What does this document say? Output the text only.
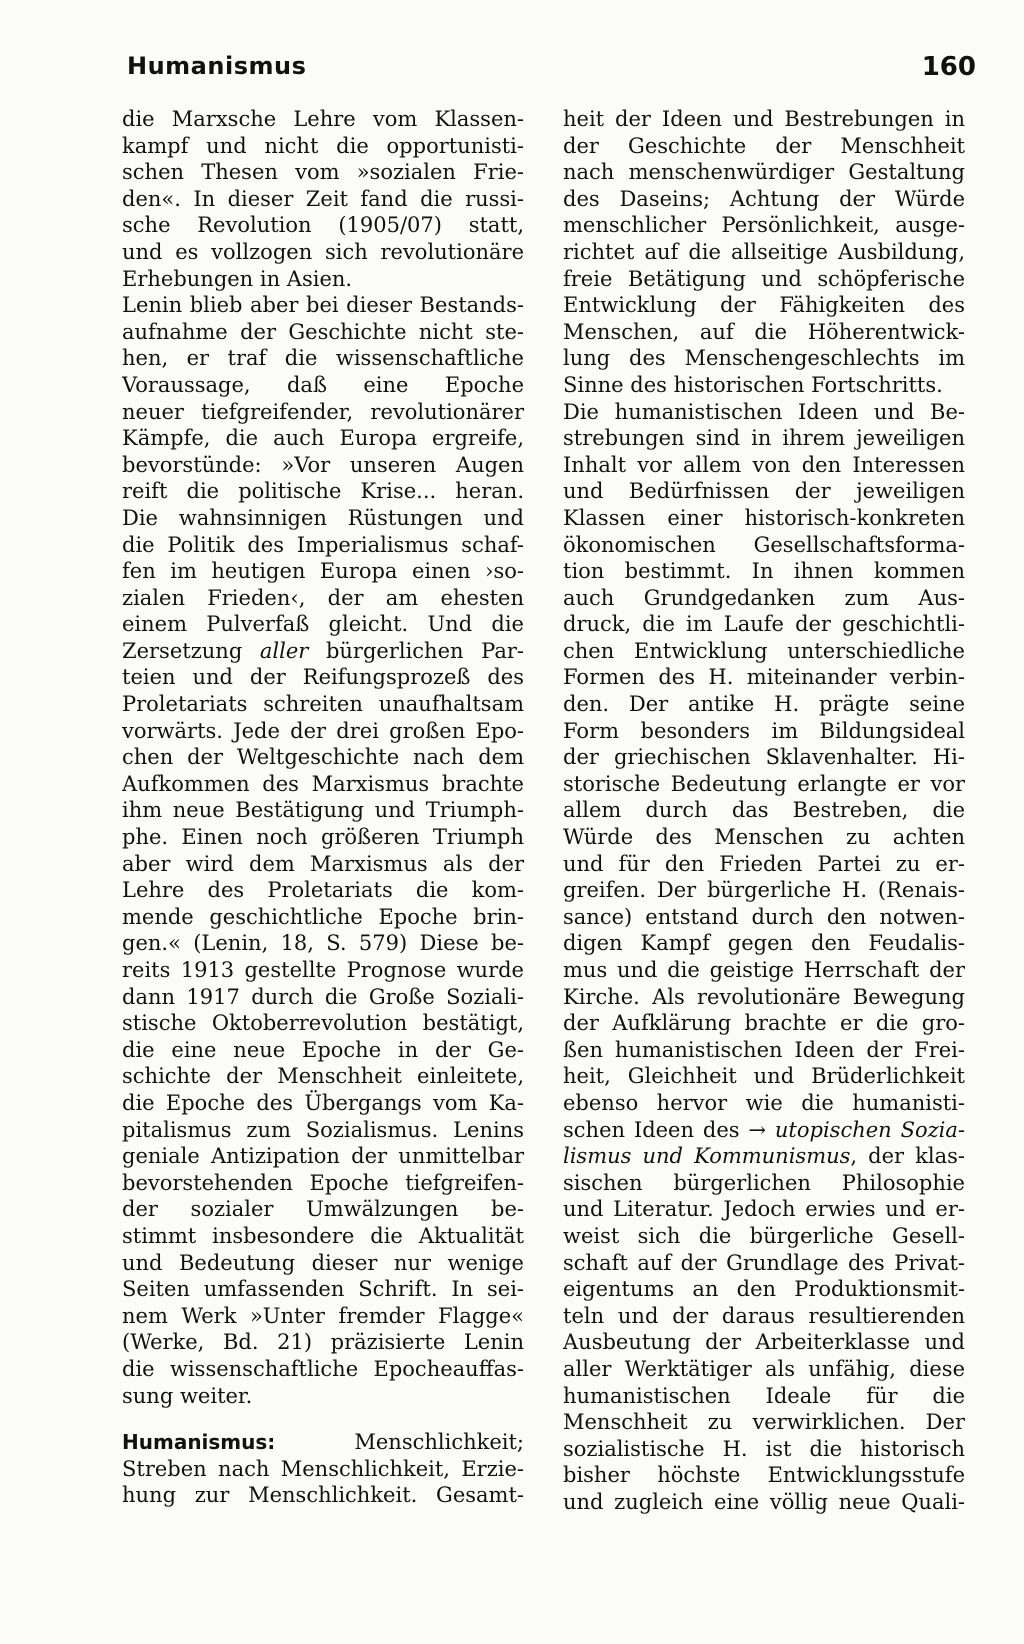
Humanismus	160
die Marxsche Lehre vom Klassen-
kampf und nicht die opportunisti-
schen Thesen vom »sozialen Frie-
den«. In dieser Zeit fand die russi-
sche Revolution (1905/07) statt,
und es vollzogen sich revolutionäre
Erhebungen in Asien.
Lenin blieb aber bei dieser Bestands-
aufnahme der Geschichte nicht ste-
hen, er traf die wissenschaftliche
Voraussage, daß eine Epoche
neuer tiefgreifender, revolutionärer
Kämpfe, die auch Europa ergreife,
bevorstünde: »Vor unseren Augen
reift die politische Krise... heran.
Die wahnsinnigen Rüstungen und
die Politik des Imperialismus schaf-
fen im heutigen Europa einen ›so-
zialen Frieden‹, der am ehesten
einem Pulverfaß gleicht. Und die
Zersetzung aller bürgerlichen Par-
teien und der Reifungsprozeß des
Proletariats schreiten unaufhaltsam
vorwärts. Jede der drei großen Epo-
chen der Weltgeschichte nach dem
Aufkommen des Marxismus brachte
ihm neue Bestätigung und Triumph-
phe. Einen noch größeren Triumph
aber wird dem Marxismus als der
Lehre des Proletariats die kom-
mende geschichtliche Epoche brin-
gen.« (Lenin, 18, S. 579) Diese be-
reits 1913 gestellte Prognose wurde
dann 1917 durch die Große Soziali-
stische Oktoberrevolution bestätigt,
die eine neue Epoche in der Ge-
schichte der Menschheit einleitete,
die Epoche des Übergangs vom Ka-
pitalismus zum Sozialismus. Lenins
geniale Antizipation der unmittelbar
bevorstehenden Epoche tiefgreifen-
der sozialer Umwälzungen be-
stimmt insbesondere die Aktualität
und Bedeutung dieser nur wenige
Seiten umfassenden Schrift. In sei-
nem Werk »Unter fremder Flagge«
(Werke, Bd. 21) präzisierte Lenin
die wissenschaftliche Epocheauffas-
sung weiter.
Humanismus:	Menschlichkeit;
Streben nach Menschlichkeit, Erzie-
hung zur Menschlichkeit. Gesamt-
heit der Ideen und Bestrebungen in
der Geschichte der Menschheit
nach menschenwürdiger Gestaltung
des Daseins; Achtung der Würde
menschlicher Persönlichkeit, ausge-
richtet auf die allseitige Ausbildung,
freie Betätigung und schöpferische
Entwicklung der Fähigkeiten des
Menschen, auf die Höherentwick-
lung des Menschengeschlechts im
Sinne des historischen Fortschritts.
Die humanistischen Ideen und Be-
strebungen sind in ihrem jeweiligen
Inhalt vor allem von den Interessen
und Bedürfnissen der jeweiligen
Klassen einer historisch-konkreten
ökonomischen Gesellschaftsforma-
tion bestimmt. In ihnen kommen
auch Grundgedanken zum Aus-
druck, die im Laufe der geschichtli-
chen Entwicklung unterschiedliche
Formen des H. miteinander verbin-
den. Der antike H. prägte seine
Form besonders im Bildungsideal
der griechischen Sklavenhalter. Hi-
storische Bedeutung erlangte er vor
allem durch das Bestreben, die
Würde des Menschen zu achten
und für den Frieden Partei zu er-
greifen. Der bürgerliche H. (Renais-
sance) entstand durch den notwen-
digen Kampf gegen den Feudalis-
mus und die geistige Herrschaft der
Kirche. Als revolutionäre Bewegung
der Aufklärung brachte er die gro-
ßen humanistischen Ideen der Frei-
heit, Gleichheit und Brüderlichkeit
ebenso hervor wie die humanisti-
schen Ideen des → utopischen Sozia-
lismus und Kommunismus, der klas-
sischen bürgerlichen Philosophie
und Literatur. Jedoch erwies und er-
weist sich die bürgerliche Gesell-
schaft auf der Grundlage des Privat-
eigentums an den Produktionsmit-
teln und der daraus resultierenden
Ausbeutung der Arbeiterklasse und
aller Werktätiger als unfähig, diese
humanistischen Ideale für die
Menschheit zu verwirklichen. Der
sozialistische H. ist die historisch
bisher höchste Entwicklungsstufe
und zugleich eine völlig neue Quali-
